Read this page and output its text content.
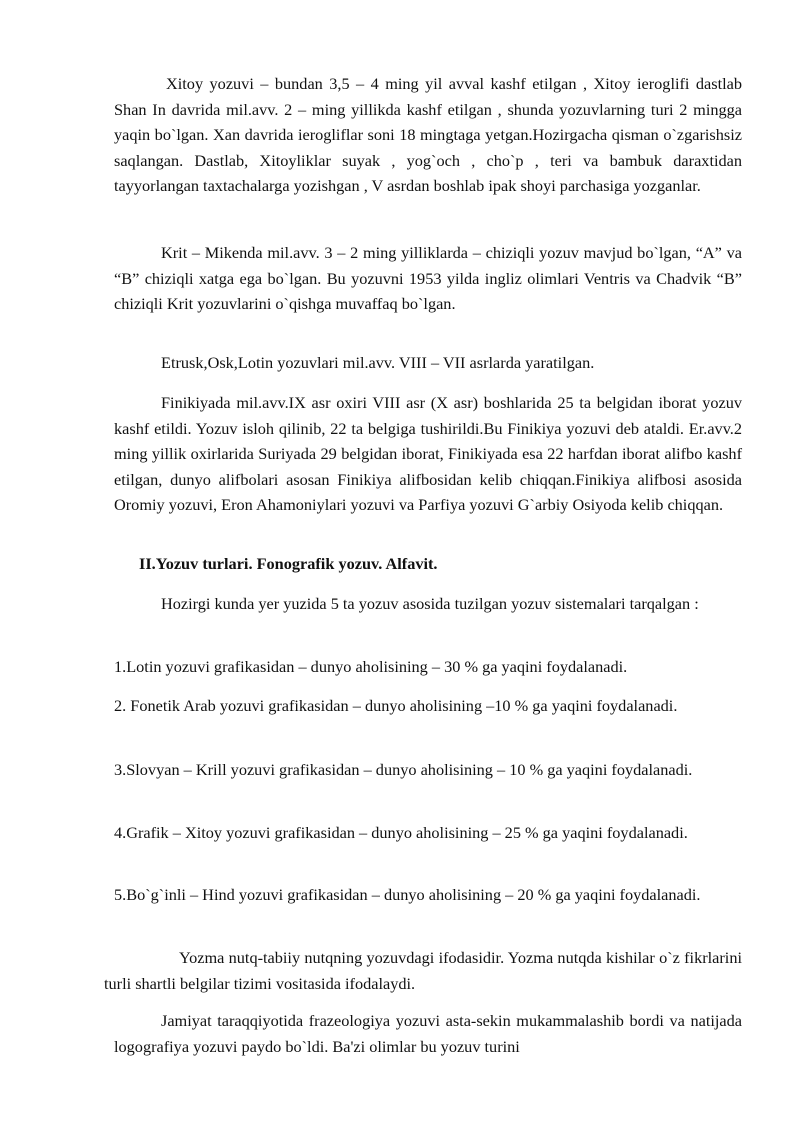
Xitoy yozuvi – bundan 3,5 – 4 ming yil avval kashf etilgan , Xitoy ieroglifi dastlab Shan In davrida mil.avv. 2 – ming yillikda kashf etilgan , shunda yozuvlarning turi 2 mingga yaqin bo`lgan. Xan davrida ierogliflar soni 18 mingtaga yetgan.Hozirgacha qisman o`zgarishsiz saqlangan. Dastlab, Xitoyliklar suyak , yog`och , cho`p , teri va bambuk daraxtidan tayyorlangan taxtachalarga yozishgan , V asrdan boshlab ipak shoyi parchasiga yozganlar.

Krit – Mikenda mil.avv. 3 – 2 ming yilliklarda – chiziqli yozuv mavjud bo`lgan, “A” va “B” chiziqli xatga ega bo`lgan. Bu yozuvni 1953 yilda ingliz olimlari Ventris va Chadvik “B” chiziqli Krit yozuvlarini o`qishga muvaffaq bo`lgan.

Etrusk,Osk,Lotin yozuvlari mil.avv. VIII – VII asrlarda yaratilgan.

Finikiyada mil.avv.IX asr oxiri VIII asr (X asr) boshlarida 25 ta belgidan iborat yozuv kashf etildi. Yozuv isloh qilinib, 22 ta belgiga tushirildi.Bu Finikiya yozuvi deb ataldi. Er.avv.2 ming yillik oxirlarida Suriyada 29 belgidan iborat, Finikiyada esa 22 harfdan iborat alifbo kashf etilgan, dunyo alifbolari asosan Finikiya alifbosidan kelib chiqqan.Finikiya alifbosi asosida Oromiy yozuvi, Eron Ahamoniylari yozuvi va Parfiya yozuvi G`arbiy Osiyoda kelib chiqqan.

II.Yozuv turlari. Fonografik yozuv. Alfavit.

Hozirgi kunda yer yuzida 5 ta yozuv asosida tuzilgan yozuv sistemalari tarqalgan :

1.Lotin yozuvi grafikasidan – dunyo aholisining – 30 % ga yaqini foydalanadi.

2. Fonetik Arab yozuvi grafikasidan – dunyo aholisining –10 % ga yaqini foydalanadi.

3.Slovyan – Krill yozuvi grafikasidan – dunyo aholisining – 10 % ga yaqini foydalanadi.

4.Grafik – Xitoy yozuvi grafikasidan – dunyo aholisining – 25 % ga yaqini foydalanadi.

5.Bo`g`inli – Hind yozuvi grafikasidan – dunyo aholisining – 20 % ga yaqini foydalanadi.

Yozma nutq-tabiiy nutqning yozuvdagi ifodasidir. Yozma nutqda kishilar o`z fikrlarini turli shartli belgilar tizimi vositasida ifodalaydi.

Jamiyat taraqqiyotida frazeologiya yozuvi asta-sekin mukammalashib bordi va natijada logografiya yozuvi paydo bo`ldi. Ba'zi olimlar bu yozuv turini
